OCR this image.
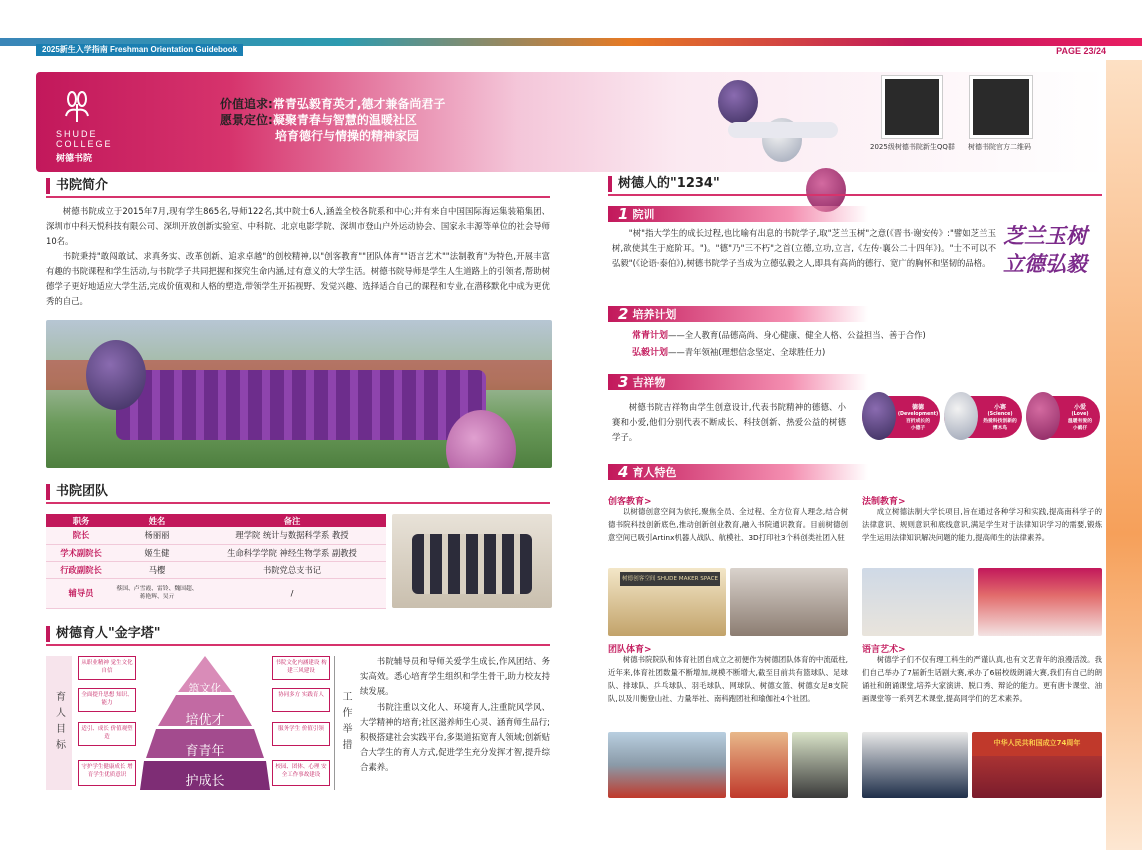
2025新生入学指南 Freshman Orientation Guidebook	PAGE 23/24
SHUDE
COLLEGE
树德书院
价值追求:常青弘毅育英才,德才兼备尚君子
愿景定位:凝聚青春与智慧的温暖社区
培育德行与情操的精神家园
2025级树德书院新生QQ群 树德书院官方二维码
书院简介
树德书院成立于2015年7月,现有学生865名,导师122名,其中院士6人,涵盖全校各院系和中心;并有来自中国国际海运集装箱集团、深圳市中科天悦科技有限公司、深圳开放创新实验室、中科院、北京电影学院、深圳市登山户外运动协会、国家永丰源等单位的社会导师10名。
书院秉持"敢闯敢试、求真务实、改革创新、追求卓越"的创校精神,以"创客教育""团队体育""语言艺术""法制教育"为特色,开展丰富有趣的书院课程和学生活动,与书院学子共同把握和探究生命内涵,过有意义的大学生活。树德书院导师是学生人生道路上的引领者,帮助树德学子更好地适应大学生活,完成价值观和人格的塑造,带领学生开拓视野、发觉兴趣、选择适合自己的课程和专业,在潜移默化中成为更优秀的自己。
书院团队
职务	姓名	备注
院长	杨丽丽	理学院 统计与数据科学系 教授
学术副院长	姬生健	生命科学学院 神经生物学系 副教授
行政副院长	马樱	书院党总支书记
辅导员	蔡国、卢雪霞、雷铃、魏国超、蒋艳辉、吴亓	/
树德育人"金字塔"
育人目标	工作举措
从职业精神 觉生文化自信
全面提升思想 知识、能力
适引、成长 价值观塑造
守护学生健康成长 增育学生优质意识
书院文化内涵建设 构建三风建设
协同多方 实践育人
服务学生 价值引领
校园、团体、心理 安全工作事故建设
筑文化
培优才
育青年
护成长
书院辅导员和导师关爱学生成长,作风团结、务实高效。悉心培育学生组织和学生骨干,助力校友持续发展。
书院注重以文化人、环境育人,注重院风学风、大学精神的培育;社区滋养师生心灵、涵育师生品行;积极搭建社会实践平台,多渠道拓宽育人领域;创新贴合大学生的育人方式,促进学生充分发挥才智,提升综合素养。
树德人的"1234"
1 院训
"树"指大学生的成长过程,也比喻有出息的书院学子,取"芝兰玉树"之意(《晋书·谢安传》:"譬如芝兰玉树,欲使其生于庭阶耳。")。"德"乃"三不朽"之首(立德,立功,立言,《左传·襄公二十四年》)。"士不可以不弘毅"(《论语·泰伯》),树德书院学子当成为立德弘毅之人,即具有高尚的德行、宽广的胸怀和坚韧的品格。
芝兰玉树
立德弘毅
2 培养计划
常青计划——全人教育(品德高尚、身心健康、健全人格、公益担当、善于合作)
弘毅计划——青年领袖(理想信念坚定、全球胜任力)
3 吉祥物
树德书院吉祥物由学生创意设计,代表书院精神的德德、小赛和小爱,他们分别代表不断成长、科技创新、热爱公益的树德学子。
德德
(Development)
百折成长的
小德子
小赛
(Science)
热爱科技创新的
博木鸟
小爱
(Love)
温暖有爱的
小鹤仔
4 育人特色
创客教育>
以树德创意空间为依托,聚焦全员、全过程、全方位育人理念,结合树德书院科技创新底色,推动创新创业教育,融入书院通识教育。目前树德创意空间已吸引Artinx机器人战队、航模社、3D打印社3个科创类社团入驻
法制教育>
成立树德法制大学长项目,旨在通过各种学习和实践,提高南科学子的法律意识、规则意识和底线意识,满足学生对于法律知识学习的需要,锻炼学生运用法律知识解决问题的能力,提高师生的法律素养。
树德创客空间 SHUDE MAKER SPACE
团队体育>
树德书院院队和体育社团自成立之初便作为树德团队体育的中流砥柱,近年来,体育社团数量不断增加,规模不断增大,截至目前共有篮球队、足球队、排球队、乒乓球队、羽毛球队、网球队、树德女篮、树德女足8支院队,以及川衡登山社、力量举社、南科跑团社和瑜伽社4个社团。
语言艺术>
树德学子们不仅有理工科生的严谨认真,也有文艺青年的浪漫活泼。我们自己举办了7届新生话剧大赛,承办了6届校级朗诵大赛,我们有自己的朗诵社和朗诵课堂,培养大家演讲、脱口秀、辩论的能力。更有唐卡课堂、油画课堂等一系列艺术课堂,提高同学们的艺术素养。
中华人民共和国成立74周年
